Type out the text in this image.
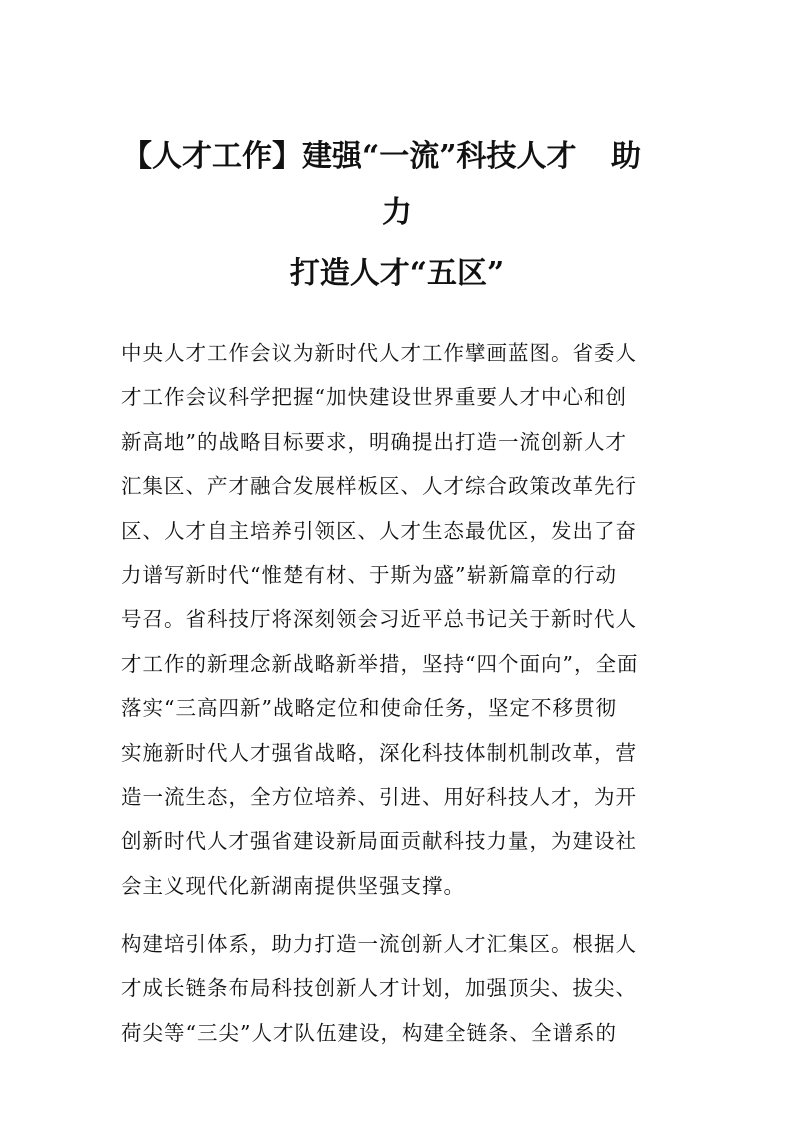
【人才工作】建强“一流”科技人才 助
力
打造人才“五区”
中央人才工作会议为新时代人才工作擘画蓝图。省委人
才工作会议科学把握“加快建设世界重要人才中心和创
新高地”的战略目标要求，明确提出打造一流创新人才
汇集区、产才融合发展样板区、人才综合政策改革先行
区、人才自主培养引领区、人才生态最优区，发出了奋
力谱写新时代“惟楚有材、于斯为盛”崭新篇章的行动
号召。省科技厅将深刻领会习近平总书记关于新时代人
才工作的新理念新战略新举措，坚持“四个面向”，全面
落实“三高四新”战略定位和使命任务，坚定不移贯彻
实施新时代人才强省战略，深化科技体制机制改革，营
造一流生态，全方位培养、引进、用好科技人才，为开
创新时代人才强省建设新局面贡献科技力量，为建设社
会主义现代化新湖南提供坚强支撑。
构建培引体系，助力打造一流创新人才汇集区。根据人
才成长链条布局科技创新人才计划，加强顶尖、拔尖、
荷尖等“三尖”人才队伍建设，构建全链条、全谱系的
